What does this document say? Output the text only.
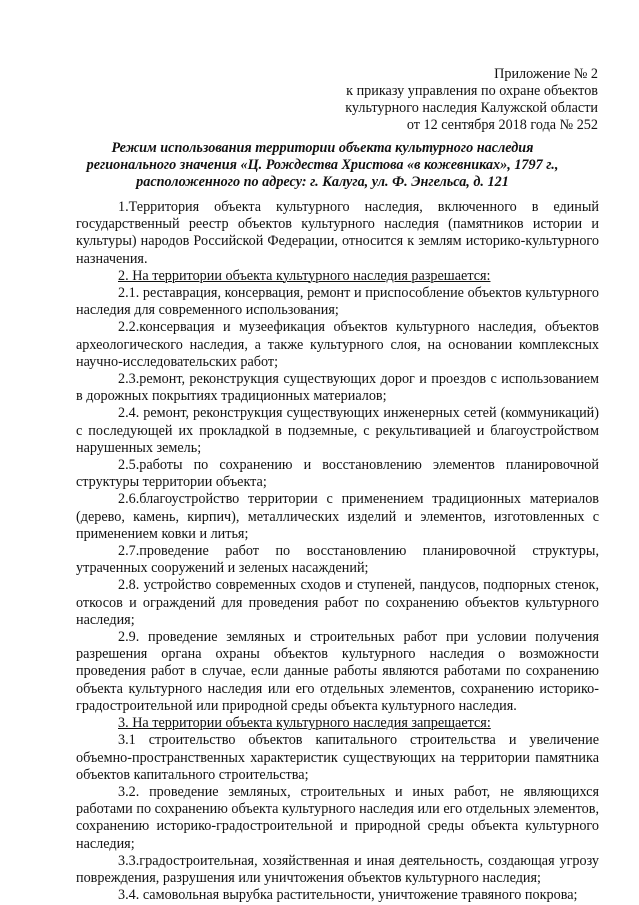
Приложение № 2
к приказу управления по охране объектов
культурного наследия Калужской области
от 12 сентября 2018 года № 252
Режим использования территории объекта культурного наследия регионального значения «Ц. Рождества Христова «в кожевниках», 1797 г., расположенного по адресу: г. Калуга, ул. Ф. Энгельса, д. 121

1.Территория объекта культурного наследия, включенного в единый государственный реестр объектов культурного наследия (памятников истории и культуры) народов Российской Федерации, относится к землям историко-культурного назначения.

2. На территории объекта культурного наследия разрешается:

2.1. реставрация, консервация, ремонт и приспособление объектов культурного наследия для современного использования;

2.2.консервация и музеефикация объектов культурного наследия, объектов археологического наследия, а также культурного слоя, на основании комплексных научно-исследовательских работ;

2.3.ремонт, реконструкция существующих дорог и проездов с использованием в дорожных покрытиях традиционных материалов;

2.4. ремонт, реконструкция существующих инженерных сетей (коммуникаций) с последующей их прокладкой в подземные, с рекультивацией и благоустройством нарушенных земель;

2.5.работы по сохранению и восстановлению элементов планировочной структуры территории объекта;

2.6.благоустройство территории с применением традиционных материалов (дерево, камень, кирпич), металлических изделий и элементов, изготовленных с применением ковки и литья;

2.7.проведение работ по восстановлению планировочной структуры, утраченных сооружений и зеленых насаждений;

2.8. устройство современных сходов и ступеней, пандусов, подпорных стенок, откосов и ограждений для проведения работ по сохранению объектов культурного наследия;

2.9. проведение земляных и строительных работ при условии получения разрешения органа охраны объектов культурного наследия о возможности проведения работ в случае, если данные работы являются работами по сохранению объекта культурного наследия или его отдельных элементов, сохранению историко-градостроительной или природной среды объекта культурного наследия.

3. На территории объекта культурного наследия запрещается:

3.1 строительство объектов капитального строительства и увеличение объемно-пространственных характеристик существующих на территории памятника объектов капитального строительства;

3.2. проведение земляных, строительных и иных работ, не являющихся работами по сохранению объекта культурного наследия или его отдельных элементов, сохранению историко-градостроительной и природной среды объекта культурного наследия;

3.3.градостроительная, хозяйственная и иная деятельность, создающая угрозу повреждения, разрушения или уничтожения объектов культурного наследия;

3.4. самовольная вырубка растительности, уничтожение травяного покрова;
